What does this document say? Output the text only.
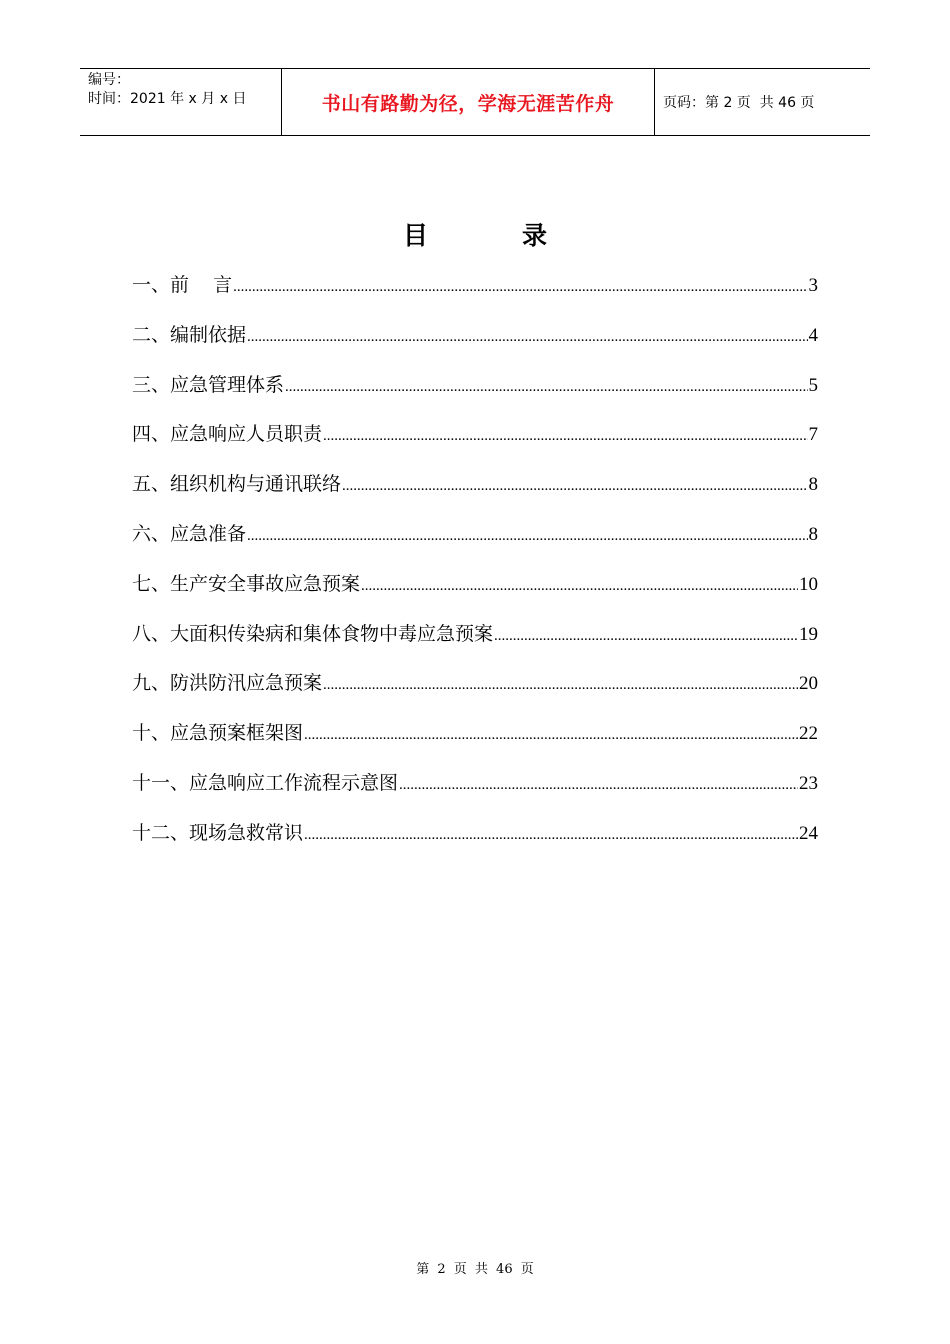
编号：
时间：2021 年 x 月 x 日	书山有路勤为径，学海无涯苦作舟	页码：第 2 页  共 46 页
目	录
一、前    言 .....	3
二、编制依据 .....	4
三、应急管理体系 .....	5
四、应急响应人员职责 .....	7
五、组织机构与通讯联络 .....	8
六、应急准备 .....	8
七、生产安全事故应急预案 .....	10
八、大面积传染病和集体食物中毒应急预案 .....	19
九、防洪防汛应急预案 .....	20
十、应急预案框架图 .....	22
十一、应急响应工作流程示意图 .....	23
十二、现场急救常识 .....	24
第 2 页 共 46 页
